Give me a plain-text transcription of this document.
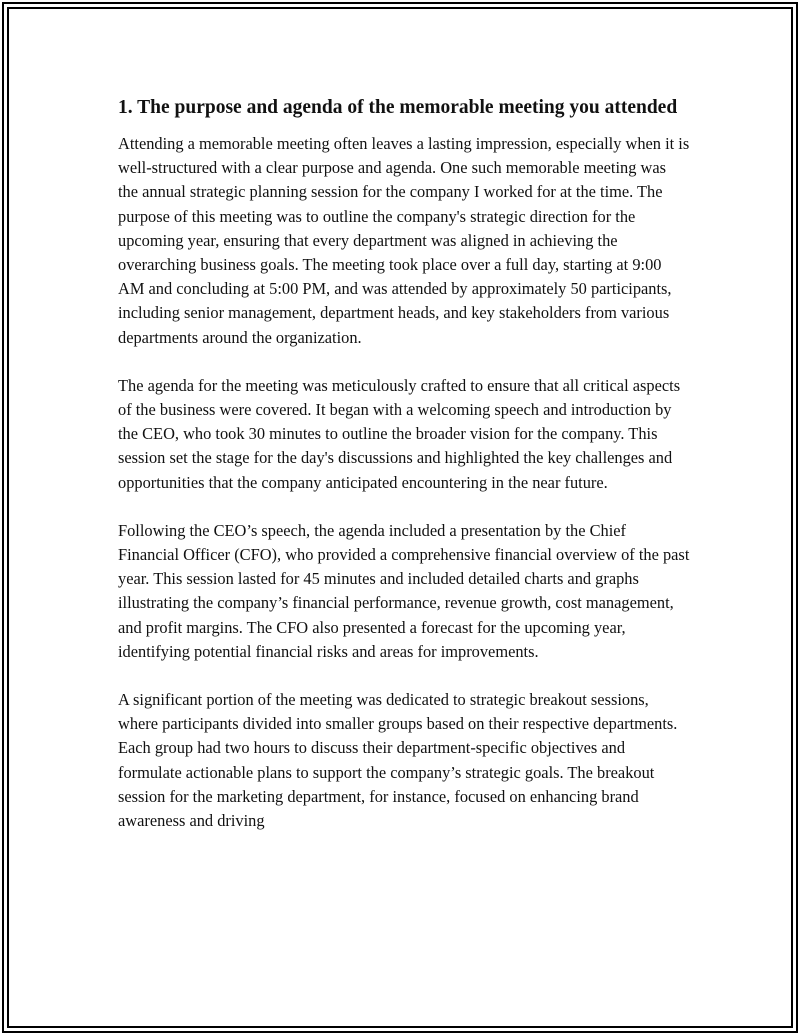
1. The purpose and agenda of the memorable meeting you attended

Attending a memorable meeting often leaves a lasting impression, especially when it is well-structured with a clear purpose and agenda. One such memorable meeting was the annual strategic planning session for the company I worked for at the time. The purpose of this meeting was to outline the company's strategic direction for the upcoming year, ensuring that every department was aligned in achieving the overarching business goals. The meeting took place over a full day, starting at 9:00 AM and concluding at 5:00 PM, and was attended by approximately 50 participants, including senior management, department heads, and key stakeholders from various departments around the organization.

The agenda for the meeting was meticulously crafted to ensure that all critical aspects of the business were covered. It began with a welcoming speech and introduction by the CEO, who took 30 minutes to outline the broader vision for the company. This session set the stage for the day's discussions and highlighted the key challenges and opportunities that the company anticipated encountering in the near future.

Following the CEO’s speech, the agenda included a presentation by the Chief Financial Officer (CFO), who provided a comprehensive financial overview of the past year. This session lasted for 45 minutes and included detailed charts and graphs illustrating the company’s financial performance, revenue growth, cost management, and profit margins. The CFO also presented a forecast for the upcoming year, identifying potential financial risks and areas for improvements.

A significant portion of the meeting was dedicated to strategic breakout sessions, where participants divided into smaller groups based on their respective departments. Each group had two hours to discuss their department-specific objectives and formulate actionable plans to support the company’s strategic goals. The breakout session for the marketing department, for instance, focused on enhancing brand awareness and driving
